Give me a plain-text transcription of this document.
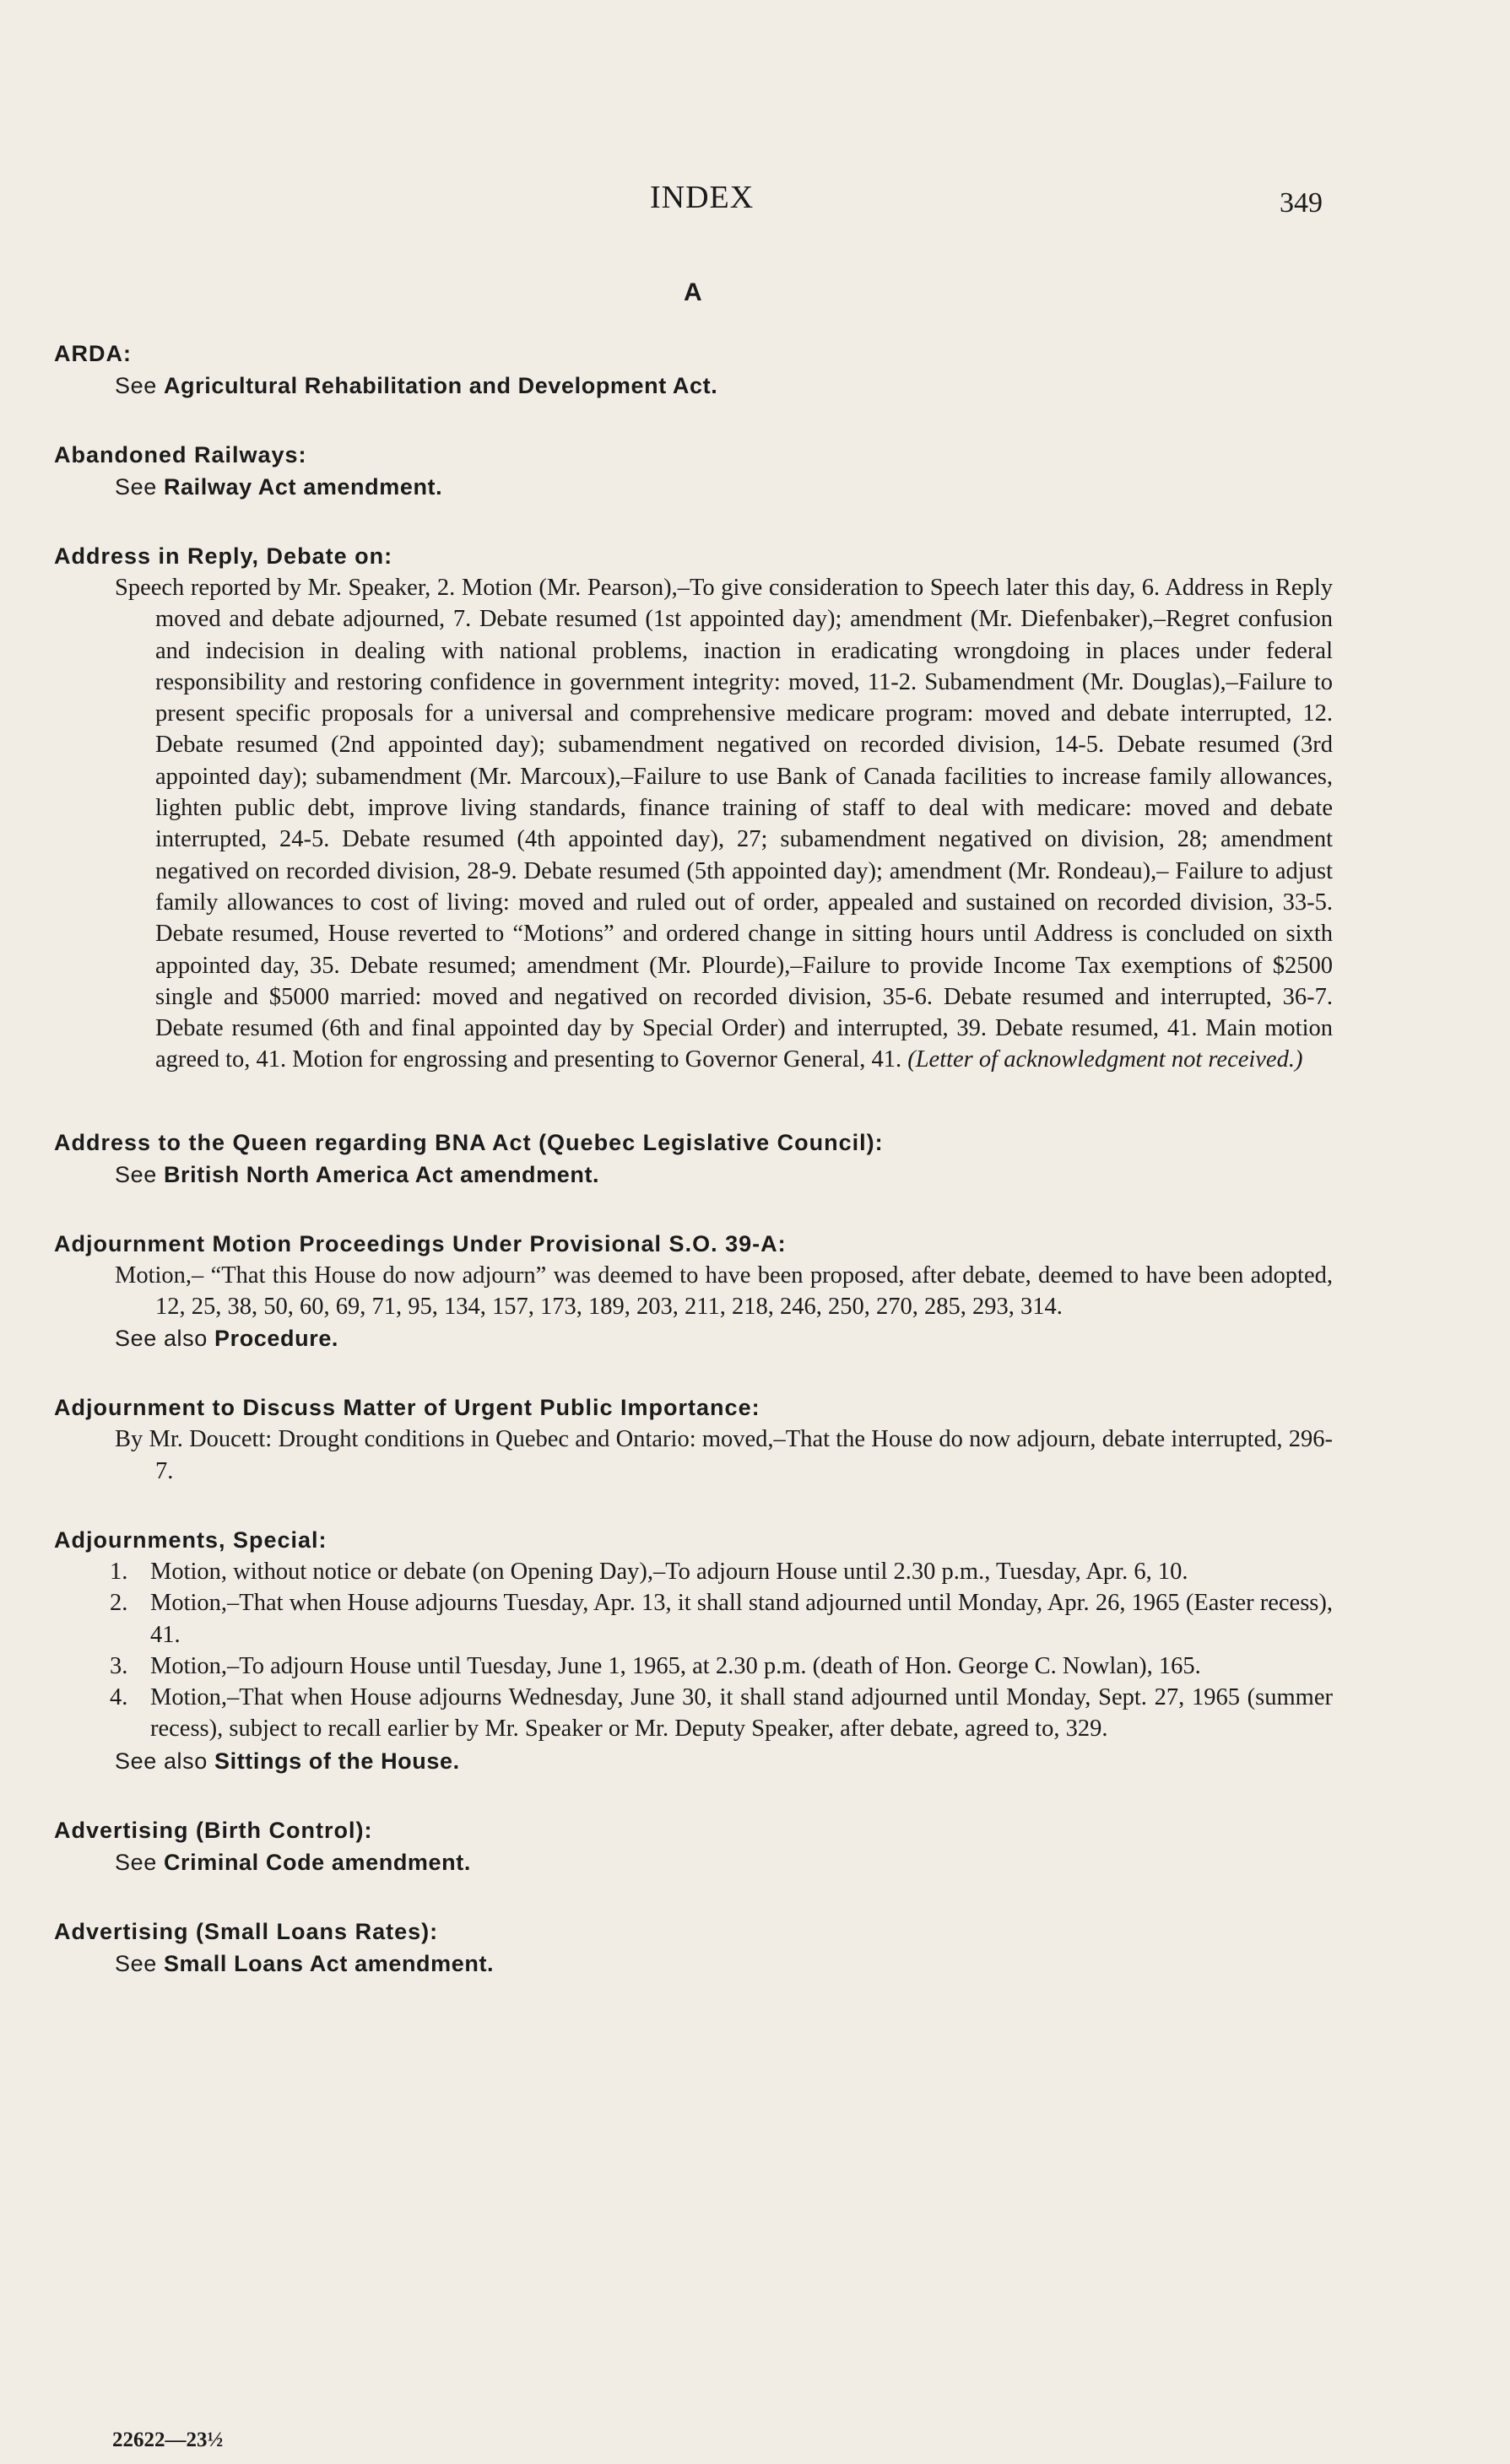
INDEX	349
A
ARDA:
See Agricultural Rehabilitation and Development Act.
Abandoned Railways:
See Railway Act amendment.
Address in Reply, Debate on:
Speech reported by Mr. Speaker, 2. Motion (Mr. Pearson),–To give consideration to Speech later this day, 6. Address in Reply moved and debate adjourned, 7. Debate resumed (1st appointed day); amendment (Mr. Diefenbaker),–Regret confusion and indecision in dealing with national problems, inaction in eradicating wrongdoing in places under federal responsibility and restoring confidence in government integrity: moved, 11-2. Subamendment (Mr. Douglas),–Failure to present specific proposals for a universal and comprehensive medicare program: moved and debate interrupted, 12. Debate resumed (2nd appointed day); subamendment negatived on recorded division, 14-5. Debate resumed (3rd appointed day); subamendment (Mr. Marcoux),–Failure to use Bank of Canada facilities to increase family allowances, lighten public debt, improve living standards, finance training of staff to deal with medicare: moved and debate interrupted, 24-5. Debate resumed (4th appointed day), 27; subamendment negatived on division, 28; amendment negatived on recorded division, 28-9. Debate resumed (5th appointed day); amendment (Mr. Rondeau),– Failure to adjust family allowances to cost of living: moved and ruled out of order, appealed and sustained on recorded division, 33-5. Debate resumed, House reverted to “Motions” and ordered change in sitting hours until Address is concluded on sixth appointed day, 35. Debate resumed; amendment (Mr. Plourde),–Failure to provide Income Tax exemptions of $2500 single and $5000 married: moved and negatived on recorded division, 35-6. Debate resumed and interrupted, 36-7. Debate resumed (6th and final appointed day by Special Order) and interrupted, 39. Debate resumed, 41. Main motion agreed to, 41. Motion for engrossing and presenting to Governor General, 41. (Letter of acknowledgment not received.)
Address to the Queen regarding BNA Act (Quebec Legislative Council):
See British North America Act amendment.
Adjournment Motion Proceedings Under Provisional S.O. 39-A:
Motion,– “That this House do now adjourn” was deemed to have been proposed, after debate, deemed to have been adopted, 12, 25, 38, 50, 60, 69, 71, 95, 134, 157, 173, 189, 203, 211, 218, 246, 250, 270, 285, 293, 314.
See also Procedure.
Adjournment to Discuss Matter of Urgent Public Importance:
By Mr. Doucett: Drought conditions in Quebec and Ontario: moved,–That the House do now adjourn, debate interrupted, 296-7.
Adjournments, Special:
1. Motion, without notice or debate (on Opening Day),–To adjourn House until 2.30 p.m., Tuesday, Apr. 6, 10.
2. Motion,–That when House adjourns Tuesday, Apr. 13, it shall stand adjourned until Monday, Apr. 26, 1965 (Easter recess), 41.
3. Motion,–To adjourn House until Tuesday, June 1, 1965, at 2.30 p.m. (death of Hon. George C. Nowlan), 165.
4. Motion,–That when House adjourns Wednesday, June 30, it shall stand adjourned until Monday, Sept. 27, 1965 (summer recess), subject to recall earlier by Mr. Speaker or Mr. Deputy Speaker, after debate, agreed to, 329.
See also Sittings of the House.
Advertising (Birth Control):
See Criminal Code amendment.
Advertising (Small Loans Rates):
See Small Loans Act amendment.
22622—23½
